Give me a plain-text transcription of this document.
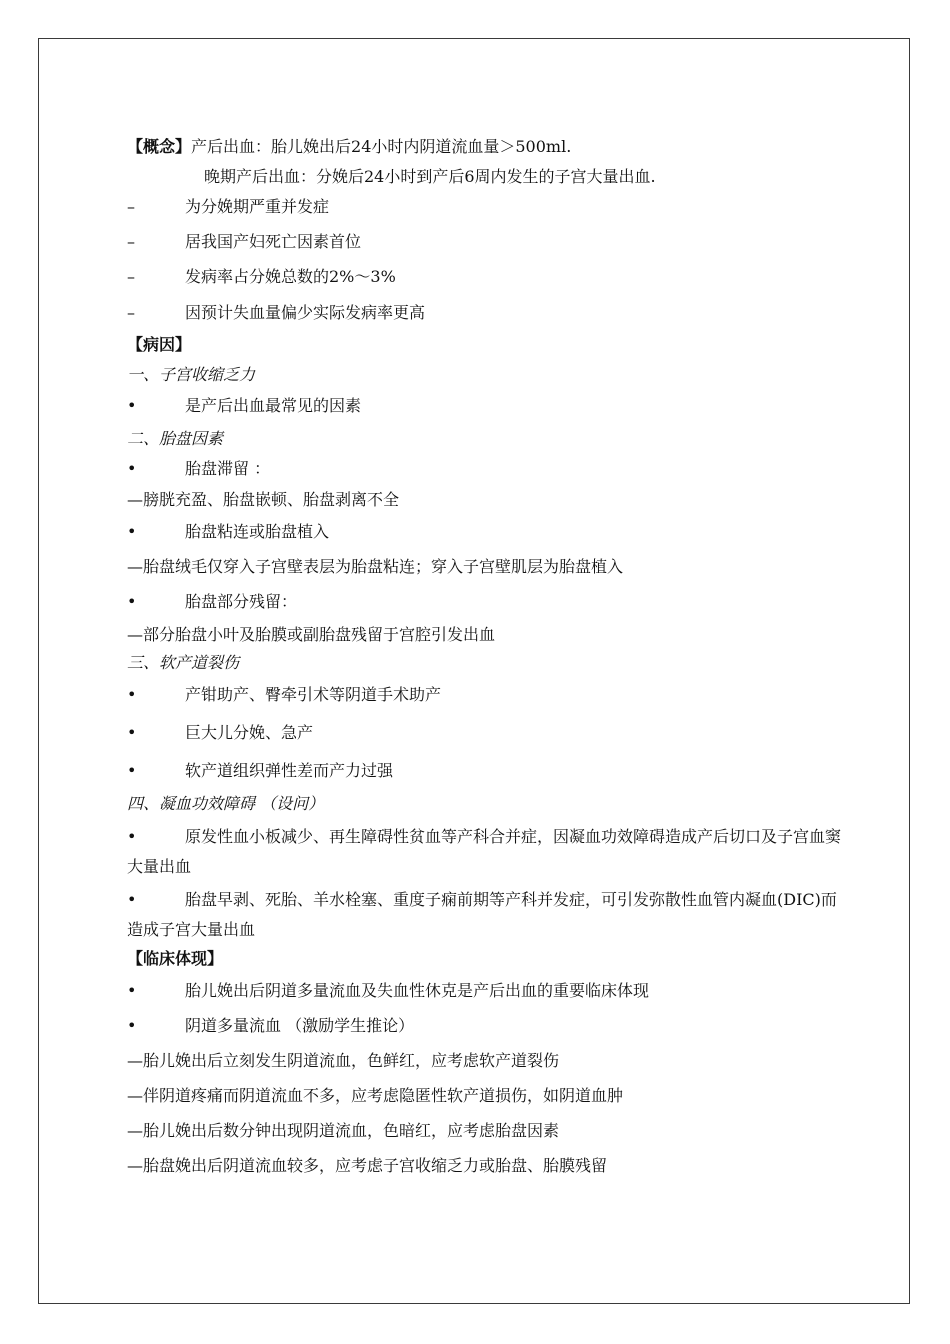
【概念】产后出血：胎儿娩出后24小时内阴道流血量＞500ml.
晚期产后出血：分娩后24小时到产后6周内发生的子宫大量出血.
–	为分娩期严重并发症
–	居我国产妇死亡因素首位
–	发病率占分娩总数的2%～3%
–	因预计失血量偏少实际发病率更高
【病因】
一、子宫收缩乏力
•	是产后出血最常见的因素
二、胎盘因素
•	胎盘滞留 ：
—膀胱充盈、胎盘嵌顿、胎盘剥离不全
•	胎盘粘连或胎盘植入
—胎盘绒毛仅穿入子宫壁表层为胎盘粘连；穿入子宫壁肌层为胎盘植入
•	胎盘部分残留：
—部分胎盘小叶及胎膜或副胎盘残留于宫腔引发出血
三、软产道裂伤
•	产钳助产、臀牵引术等阴道手术助产
•	巨大儿分娩、急产
•	软产道组织弹性差而产力过强
四、凝血功效障碍 （设问）
•	原发性血小板减少、再生障碍性贫血等产科合并症，因凝血功效障碍造成产后切口及子宫血窦大量出血
•	胎盘早剥、死胎、羊水栓塞、重度子痫前期等产科并发症，可引发弥散性血管内凝血(DIC)而造成子宫大量出血
【临床体现】
•	胎儿娩出后阴道多量流血及失血性休克是产后出血的重要临床体现
•	阴道多量流血 （激励学生推论）
—胎儿娩出后立刻发生阴道流血，色鲜红，应考虑软产道裂伤
—伴阴道疼痛而阴道流血不多，应考虑隐匿性软产道损伤，如阴道血肿
—胎儿娩出后数分钟出现阴道流血，色暗红，应考虑胎盘因素
—胎盘娩出后阴道流血较多，应考虑子宫收缩乏力或胎盘、胎膜残留
